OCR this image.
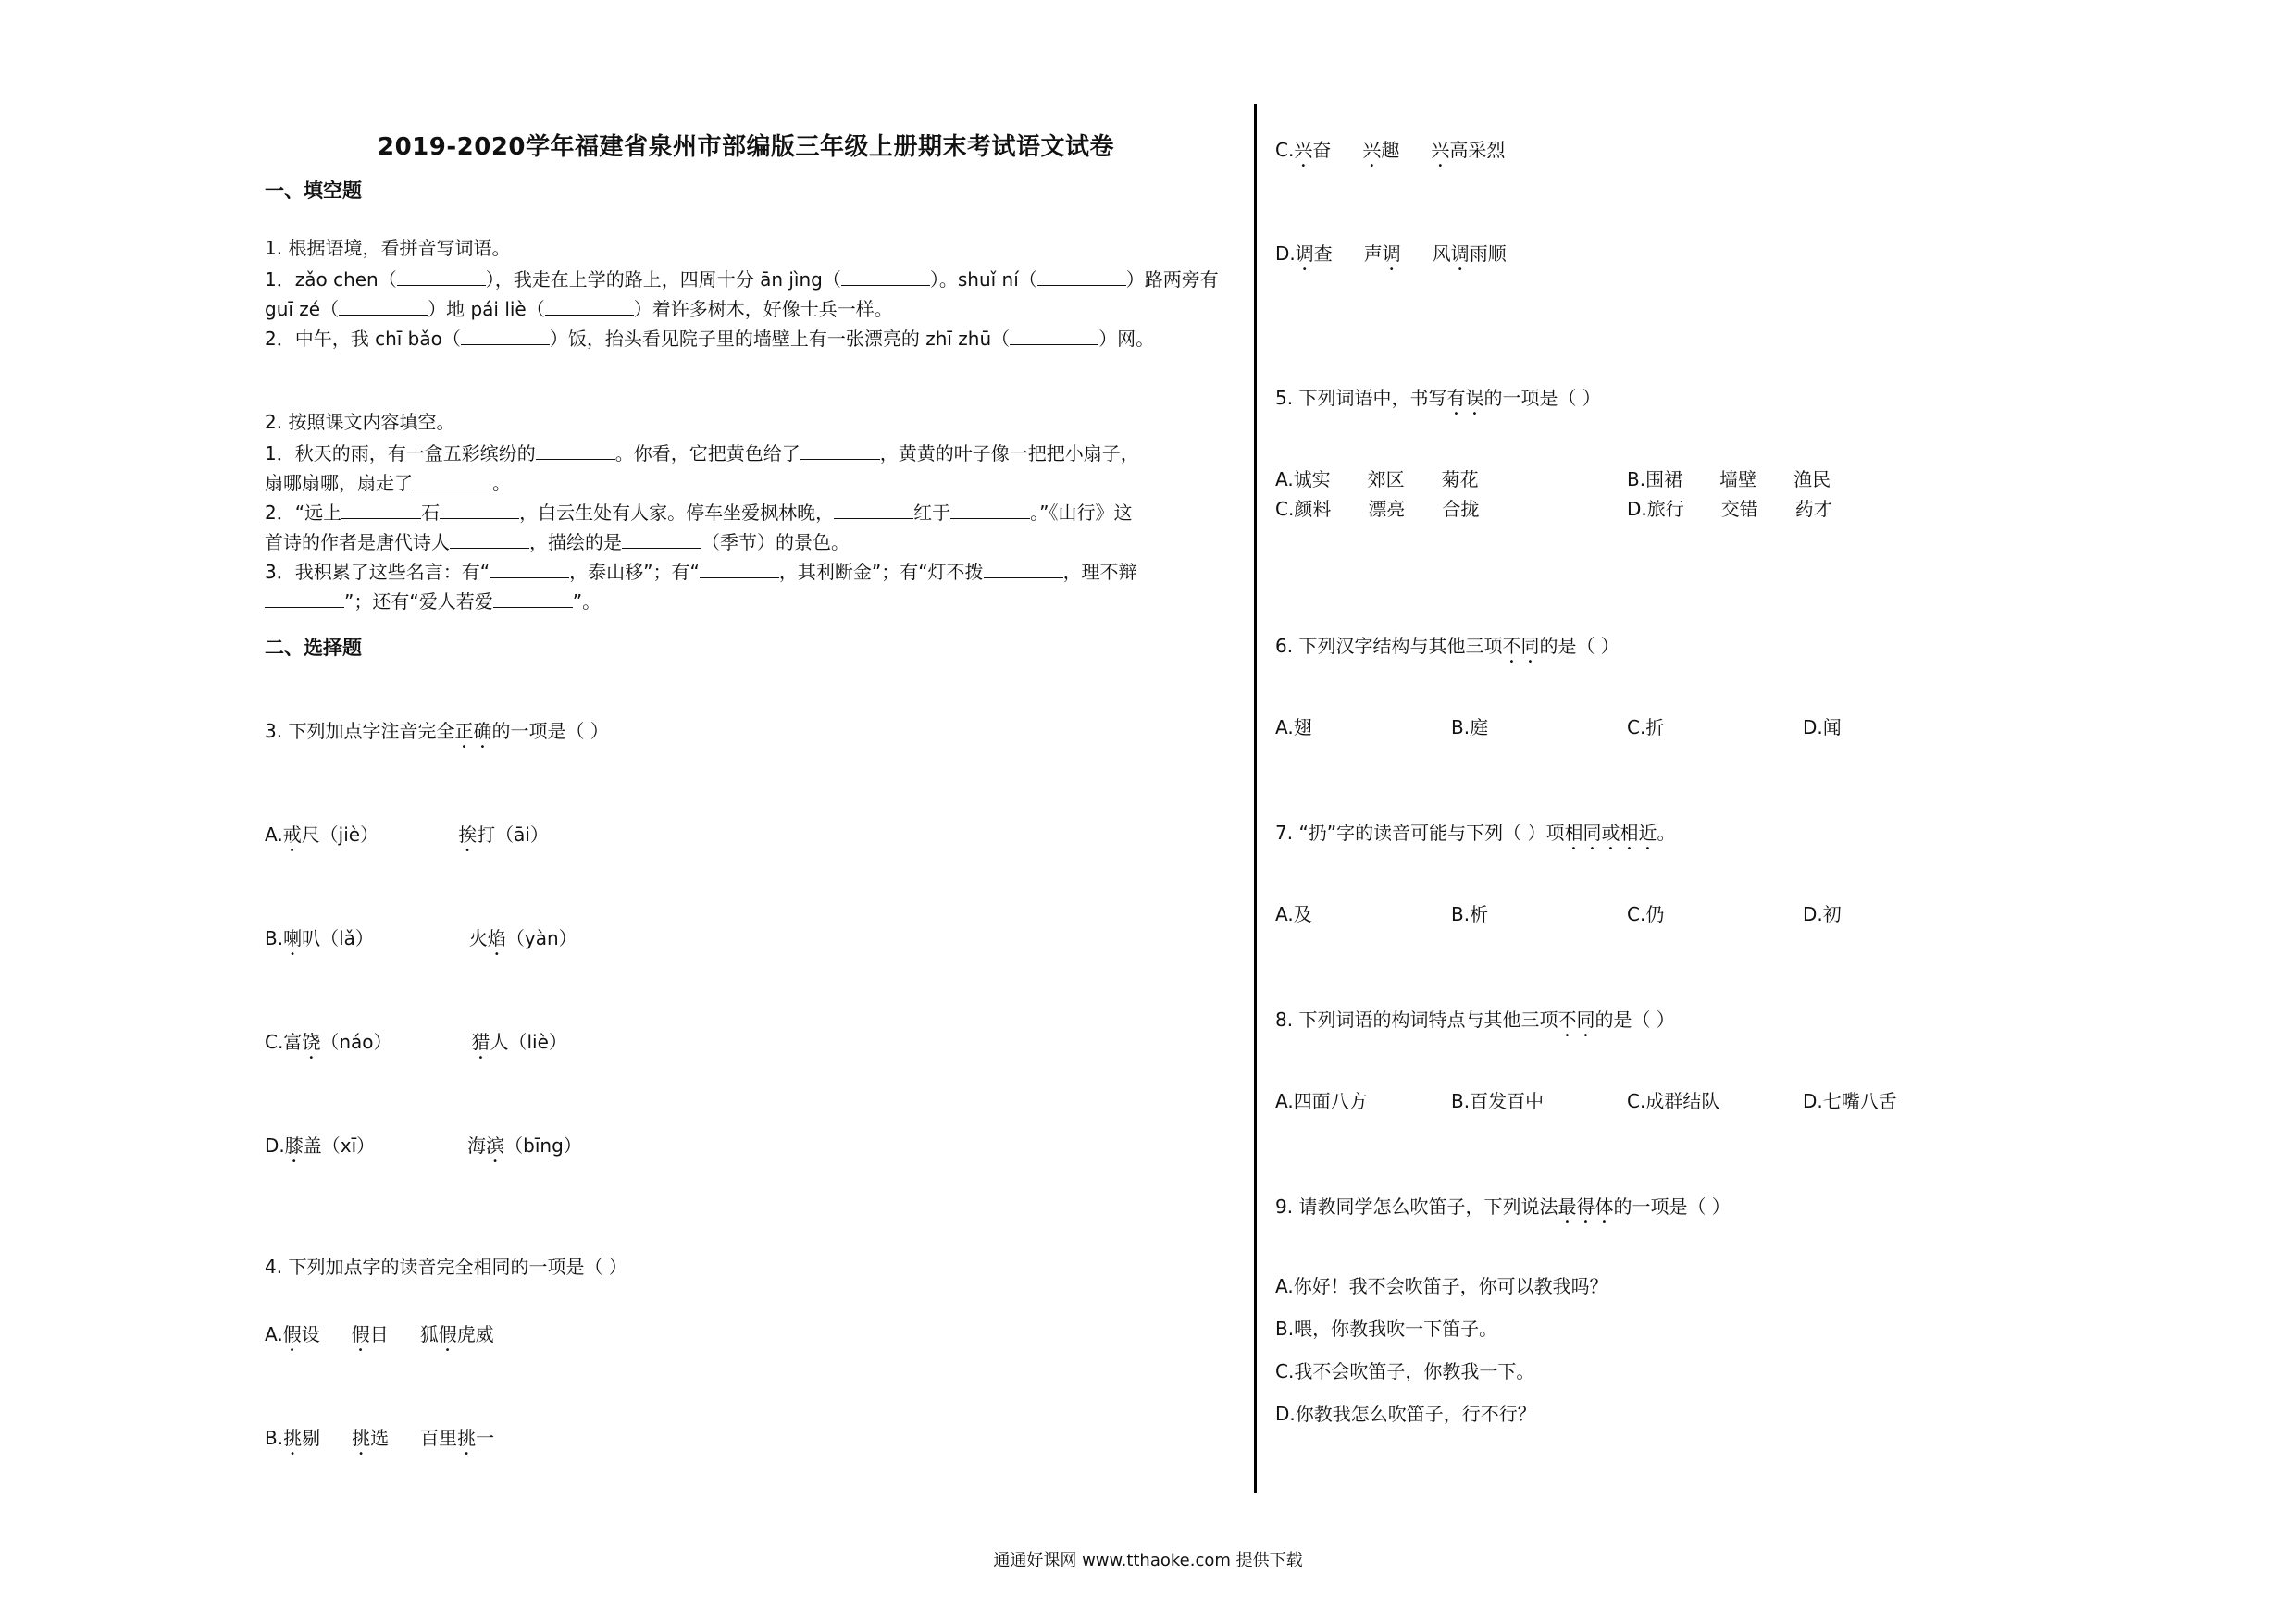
2019-2020学年福建省泉州市部编版三年级上册期末考试语文试卷
一、填空题
1. 根据语境，看拼音写词语。
1．zǎo chen（	），我走在上学的路上，四周十分 ān jìng（	）。shuǐ ní（	）路两旁有
guī zé（	）地 pái liè（	）着许多树木，好像士兵一样。
2．中午，我 chī bǎo（	）饭，抬头看见院子里的墙壁上有一张漂亮的 zhī zhū（	）网。
2. 按照课文内容填空。
1．秋天的雨，有一盒五彩缤纷的	。你看，它把黄色给了	，黄黄的叶子像一把把小扇子，
扇哪扇哪，扇走了	。
2．“远上	石	，白云生处有人家。停车坐爱枫林晚，	红于	。”《山行》这
首诗的作者是唐代诗人	，描绘的是	（季节）的景色。
3．我积累了这些名言：有“	，泰山移”；有“	，其利断金”；有“灯不拨	，理不辩
”；还有“爱人若爱	”。
二、选择题
3. 下列加点字注音完全正确的一项是（ ）
A.戒尺（jiè）	挨打（āi）
B.喇叭（lǎ）	火焰（yàn）
C.富饶（náo）	猎人（liè）
D.膝盖（xī）	海滨（bīng）
4. 下列加点字的读音完全相同的一项是（ ）
A.假设 假日 狐假虎威
B.挑剔 挑选 百里挑一
C.兴奋 兴趣 兴高采烈
D.调查 声调 风调雨顺
5. 下列词语中，书写有误的一项是（ ）
A.诚实　　郊区　　菊花	B.围裙　　墙壁　　渔民
C.颜料　　漂亮　　合拢	D.旅行　　交错　　药才
6. 下列汉字结构与其他三项不同的是（ ）
A.翅	B.庭	C.折	D.闻
7. “扔”字的读音可能与下列（ ）项相同或相近。
A.及	B.析	C.仍	D.初
8. 下列词语的构词特点与其他三项不同的是（ ）
A.四面八方	B.百发百中	C.成群结队	D.七嘴八舌
9. 请教同学怎么吹笛子，下列说法最得体的一项是（ ）
A.你好！我不会吹笛子，你可以教我吗？
B.喂，你教我吹一下笛子。
C.我不会吹笛子，你教我一下。
D.你教我怎么吹笛子，行不行？
通通好课网 www.tthaoke.com 提供下载
